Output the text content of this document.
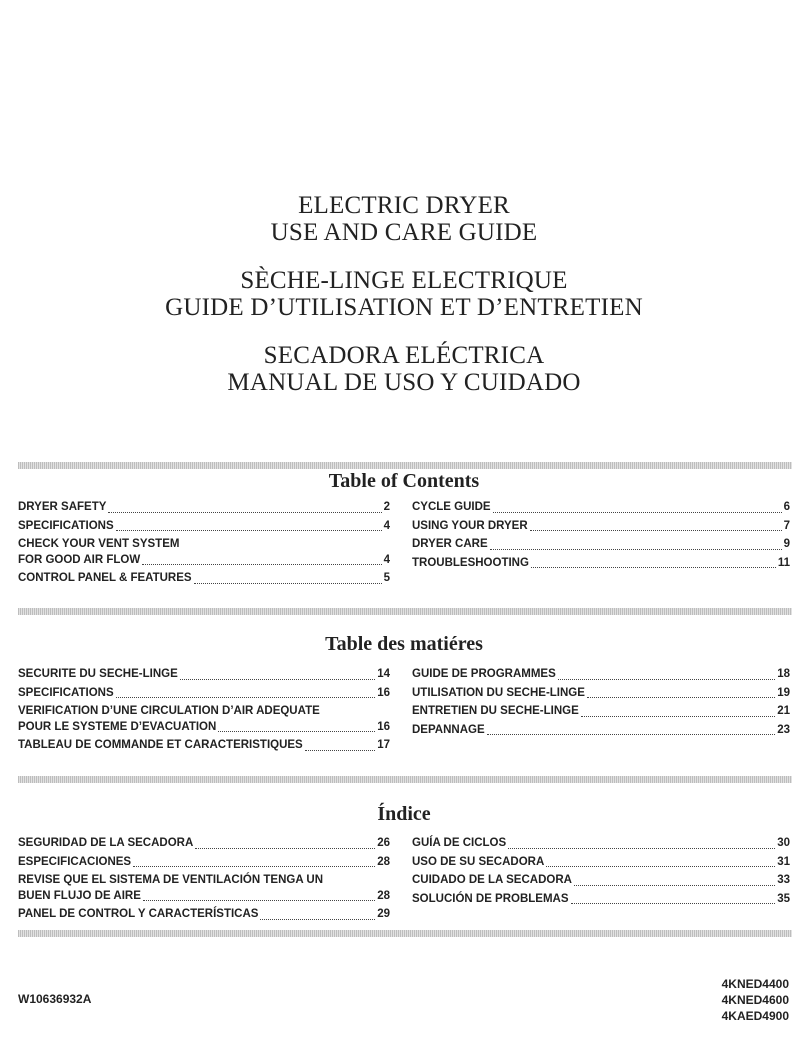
ELECTRIC DRYER
USE AND CARE GUIDE
SÈCHE-LINGE ELECTRIQUE
GUIDE D’UTILISATION ET D’ENTRETIEN
SECADORA ELÉCTRICA
MANUAL DE USO Y CUIDADO
Table of Contents
DRYER SAFETY	2
SPECIFICATIONS	4
CHECK YOUR VENT SYSTEM
FOR GOOD AIR FLOW	4
CONTROL PANEL & FEATURES	5
CYCLE GUIDE	6
USING YOUR DRYER	7
DRYER CARE	9
TROUBLESHOOTING	11
Table des matiéres
SECURITE DU SECHE-LINGE	14
SPECIFICATIONS	16
VERIFICATION D’UNE CIRCULATION D’AIR ADEQUATE
POUR LE SYSTEME D’EVACUATION	16
TABLEAU DE COMMANDE ET CARACTERISTIQUES	17
GUIDE DE PROGRAMMES	18
UTILISATION DU SECHE-LINGE	19
ENTRETIEN DU SECHE-LINGE	21
DEPANNAGE	23
Índice
SEGURIDAD DE LA SECADORA	26
ESPECIFICACIONES	28
REVISE QUE EL SISTEMA DE VENTILACIÓN TENGA UN
BUEN FLUJO DE AIRE	28
PANEL DE CONTROL Y CARACTERÍSTICAS	29
GUÍA DE CICLOS	30
USO DE SU SECADORA	31
CUIDADO DE LA SECADORA	33
SOLUCIÓN DE PROBLEMAS	35
W10636932A
4KNED4400
4KNED4600
4KAED4900
